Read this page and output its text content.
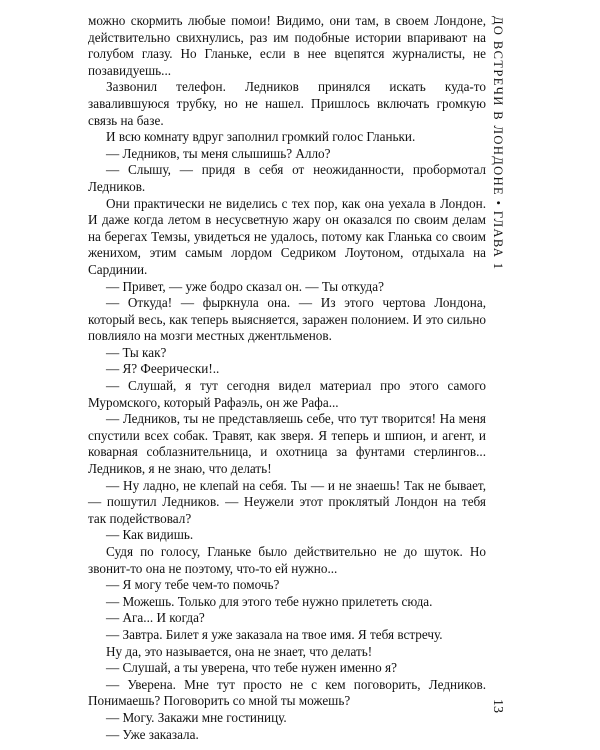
можно скормить любые помои! Видимо, они там, в своем Лондоне, действительно свихнулись, раз им подобные истории впаривают на голубом глазу. Но Гланьке, если в нее вцепятся журналисты, не позавидуешь...

Зазвонил телефон. Ледников принялся искать куда-то завалившуюся трубку, но не нашел. Пришлось включать громкую связь на базе.

И всю комнату вдруг заполнил громкий голос Гланьки.

— Ледников, ты меня слышишь? Алло?

— Слышу, — придя в себя от неожиданности, пробормотал Ледников.

Они практически не виделись с тех пор, как она уехала в Лондон. И даже когда летом в несусветную жару он оказался по своим делам на берегах Темзы, увидеться не удалось, потому как Гланька со своим женихом, этим самым лордом Седриком Лоутоном, отдыхала на Сардинии.

— Привет, — уже бодро сказал он. — Ты откуда?

— Откуда! — фыркнула она. — Из этого чертова Лондона, который весь, как теперь выясняется, заражен полонием. И это сильно повлияло на мозги местных джентльменов.

— Ты как?

— Я? Феерически!..

— Слушай, я тут сегодня видел материал про этого самого Муромского, который Рафаэль, он же Рафа...

— Ледников, ты не представляешь себе, что тут творится! На меня спустили всех собак. Травят, как зверя. Я теперь и шпион, и агент, и коварная соблазнительница, и охотница за фунтами стерлингов... Ледников, я не знаю, что делать!

— Ну ладно, не клепай на себя. Ты — и не знаешь! Так не бывает, — пошутил Ледников. — Неужели этот проклятый Лондон на тебя так подействовал?

— Как видишь.

Судя по голосу, Гланьке было действительно не до шуток. Но звонит-то она не поэтому, что-то ей нужно...

— Я могу тебе чем-то помочь?

— Можешь. Только для этого тебе нужно прилететь сюда.

— Ага... И когда?

— Завтра. Билет я уже заказала на твое имя. Я тебя встречу.

Ну да, это называется, она не знает, что делать!

— Слушай, а ты уверена, что тебе нужен именно я?

— Уверена. Мне тут просто не с кем поговорить, Ледников. Понимаешь? Поговорить со мной ты можешь?

— Могу. Закажи мне гостиницу.

— Уже заказала.

ДО ВСТРЕЧИ В ЛОНДОНЕ • ГЛАВА 1
13
